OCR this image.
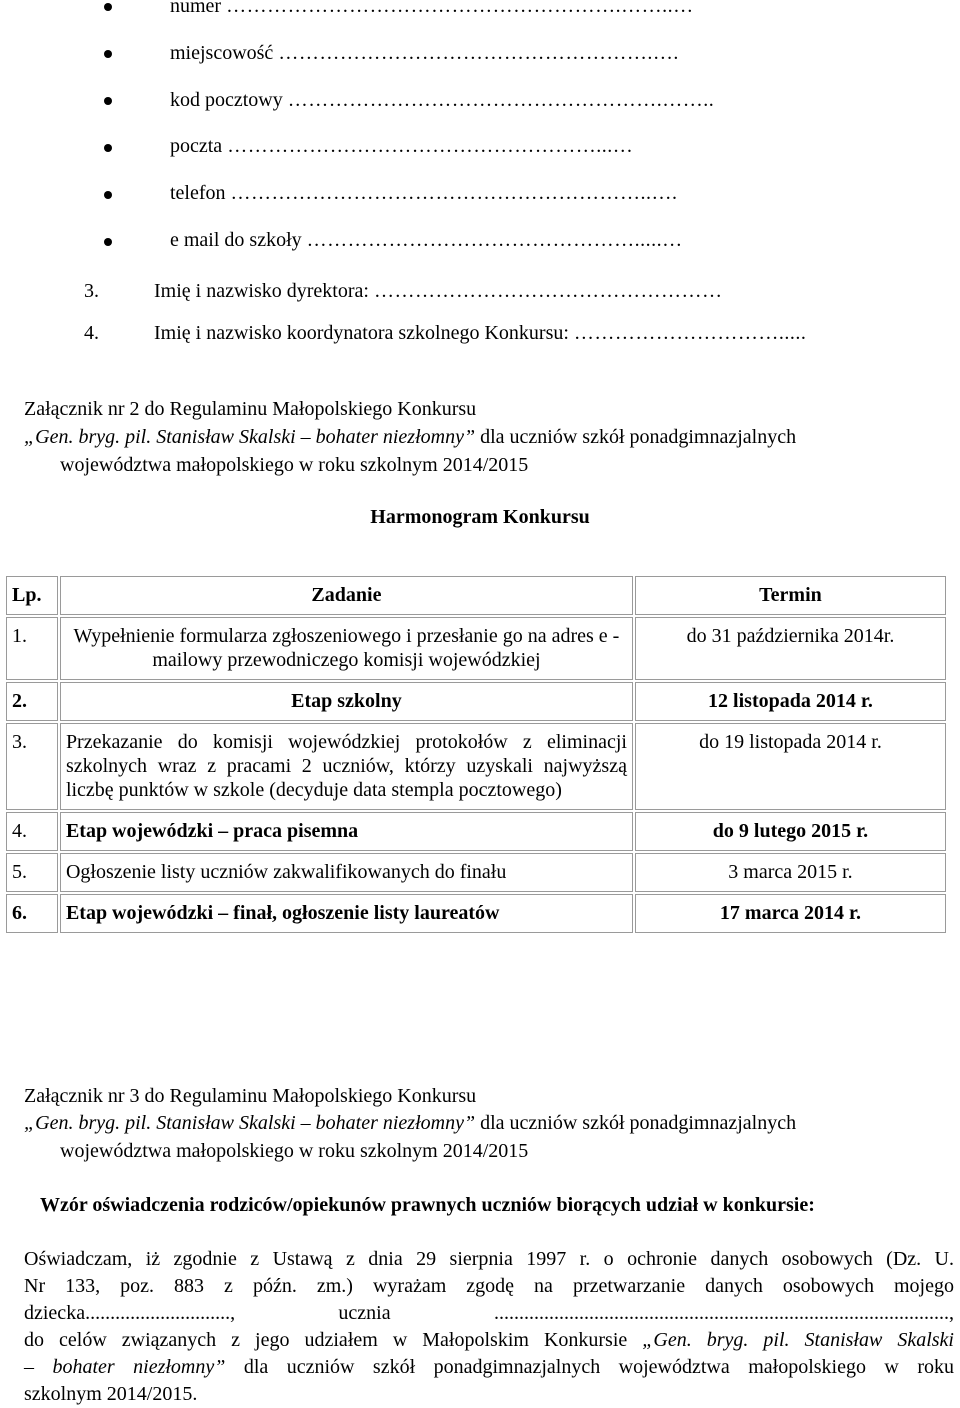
numer ………………………………………………….……..…
miejscowość ……………………………………………….….
kod pocztowy ……………………………………………….……..
poczta ………………………………………………...…
telefon ……………………………………………………..….
e mail do szkoły ………………………………………….....…
3.	Imię i nazwisko dyrektora: ……………………………………………
4.	Imię i nazwisko koordynatora szkolnego Konkursu: ………………………….....
Załącznik nr 2 do Regulaminu Małopolskiego Konkursu
„Gen. bryg. pil. Stanisław Skalski – bohater niezłomny” dla uczniów szkół ponadgimnazjalnych
województwa małopolskiego w roku szkolnym 2014/2015
Harmonogram Konkursu
Lp.	Zadanie	Termin
1.	Wypełnienie formularza zgłoszeniowego i przesłanie go na adres e - mailowy przewodniczego komisji wojewódzkiej	do 31 października 2014r.
2.	Etap szkolny	12 listopada 2014 r.
3.	Przekazanie do komisji wojewódzkiej protokołów z eliminacji szkolnych wraz z pracami 2 uczniów, którzy uzyskali najwyższą liczbę punktów w szkole (decyduje data stempla pocztowego)	do 19 listopada 2014 r.
4.	Etap wojewódzki – praca pisemna	do 9 lutego 2015 r.
5.	Ogłoszenie listy uczniów zakwalifikowanych do finału	3 marca 2015 r.
6.	Etap wojewódzki – finał, ogłoszenie listy laureatów	17 marca 2014 r.
Załącznik nr 3 do Regulaminu Małopolskiego Konkursu
„Gen. bryg. pil. Stanisław Skalski – bohater niezłomny” dla uczniów szkół ponadgimnazjalnych
województwa małopolskiego w roku szkolnym 2014/2015
Wzór oświadczenia rodziców/opiekunów prawnych uczniów biorących udział w konkursie:
Oświadczam, iż zgodnie z Ustawą z dnia 29 sierpnia 1997 r. o ochronie danych osobowych (Dz. U.
Nr 133, poz. 883 z późn. zm.) wyrażam zgodę na przetwarzanie danych osobowych mojego
dziecka............................., ucznia ...........................................................................................,
do celów związanych z jego udziałem w Małopolskim Konkursie „Gen. bryg. pil. Stanisław Skalski
– bohater niezłomny” dla uczniów szkół ponadgimnazjalnych województwa małopolskiego w roku
szkolnym 2014/2015.
